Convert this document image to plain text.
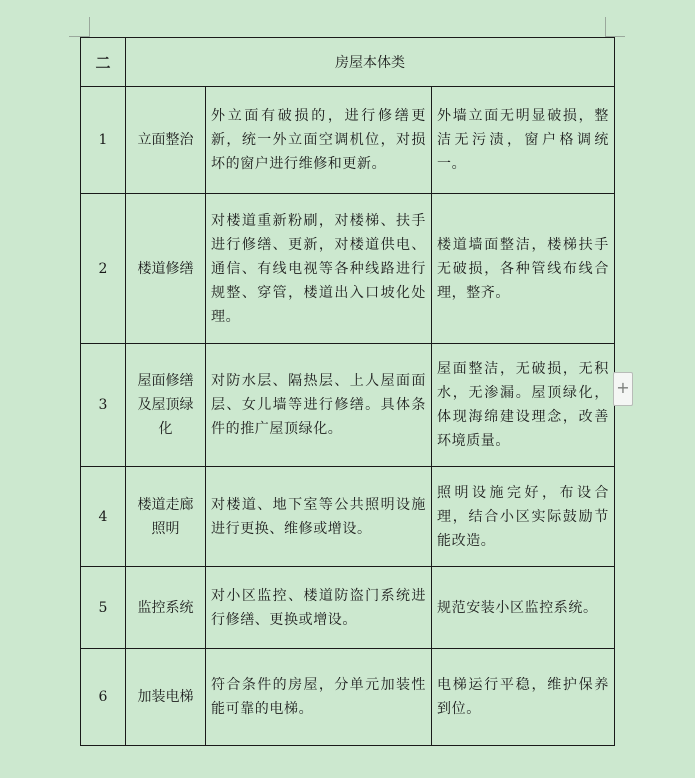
二	房屋本体类		
1	立面整治	外立面有破损的，进行修缮更新，统一外立面空调机位，对损坏的窗户进行维修和更新。	外墙立面无明显破损，整洁无污渍，窗户格调统一。
2	楼道修缮	对楼道重新粉刷，对楼梯、扶手进行修缮、更新，对楼道供电、通信、有线电视等各种线路进行规整、穿管，楼道出入口坡化处理。	楼道墙面整洁，楼梯扶手无破损，各种管线布线合理，整齐。
3	屋面修缮及屋顶绿化	对防水层、隔热层、上人屋面面层、女儿墙等进行修缮。具体条件的推广屋顶绿化。	屋面整洁，无破损，无积水，无渗漏。屋顶绿化，体现海绵建设理念，改善环境质量。
4	楼道走廊照明	对楼道、地下室等公共照明设施进行更换、维修或增设。	照明设施完好，布设合理，结合小区实际鼓励节能改造。
5	监控系统	对小区监控、楼道防盗门系统进行修缮、更换或增设。	规范安装小区监控系统。
6	加装电梯	符合条件的房屋，分单元加装性能可靠的电梯。	电梯运行平稳，维护保养到位。
+
